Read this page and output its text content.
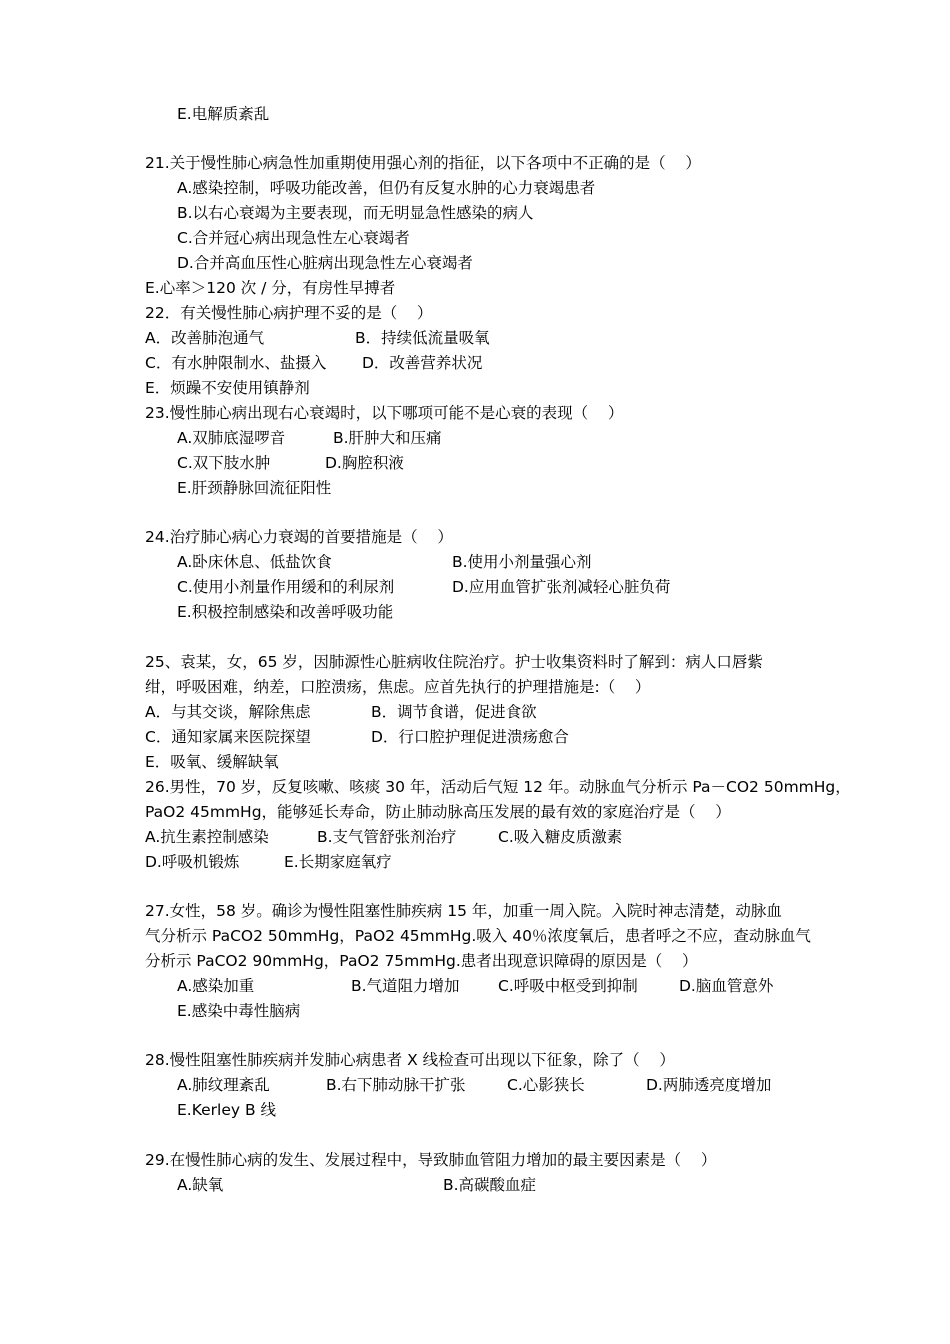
E.电解质紊乱
21.关于慢性肺心病急性加重期使用强心剂的指征，以下各项中不正确的是（    ）
A.感染控制，呼吸功能改善，但仍有反复水肿的心力衰竭患者
B.以右心衰竭为主要表现，而无明显急性感染的病人
C.合并冠心病出现急性左心衰竭者
D.合并高血压性心脏病出现急性左心衰竭者
E.心率＞120 次 / 分，有房性早搏者
22．有关慢性肺心病护理不妥的是（    ）
A．改善肺泡通气	B．持续低流量吸氧
C．有水肿限制水、盐摄入 D．改善营养状况
E．烦躁不安使用镇静剂
23.慢性肺心病出现右心衰竭时，以下哪项可能不是心衰的表现（    ）
A.双肺底湿啰音	B.肝肿大和压痛
C.双下肢水肿	D.胸腔积液
E.肝颈静脉回流征阳性
24.治疗肺心病心力衰竭的首要措施是（    ）
A.卧床休息、低盐饮食	B.使用小剂量强心剂
C.使用小剂量作用缓和的利尿剂	D.应用血管扩张剂减轻心脏负荷
E.积极控制感染和改善呼吸功能
25、袁某，女，65 岁，因肺源性心脏病收住院治疗。护士收集资料时了解到：病人口唇紫
绀，呼吸困难，纳差，口腔溃疡，焦虑。应首先执行的护理措施是:（    ）
A．与其交谈，解除焦虑	B．调节食谱，促进食欲
C．通知家属来医院探望	D．行口腔护理促进溃疡愈合
E．吸氧、缓解缺氧
26.男性，70 岁，反复咳嗽、咳痰 30 年，活动后气短 12 年。动脉血气分析示 Pa－CO2 50mmHg，
PaO2 45mmHg，能够延长寿命，防止肺动脉高压发展的最有效的家庭治疗是（    ）
A.抗生素控制感染	B.支气管舒张剂治疗	C.吸入糖皮质激素
D.呼吸机锻炼	E.长期家庭氧疗
27.女性，58 岁。确诊为慢性阻塞性肺疾病 15 年，加重一周入院。入院时神志清楚，动脉血
气分析示 PaCO2 50mmHg，PaO2 45mmHg.吸入 40％浓度氧后，患者呼之不应，查动脉血气
分析示 PaCO2 90mmHg，PaO2 75mmHg.患者出现意识障碍的原因是（    ）
A.感染加重	B.气道阻力增加 C.呼吸中枢受到抑制	D.脑血管意外
E.感染中毒性脑病
28.慢性阻塞性肺疾病并发肺心病患者 X 线检查可出现以下征象，除了（    ）
A.肺纹理紊乱	B.右下肺动脉干扩张	C.心影狭长	D.两肺透亮度增加
E.Kerley B 线
29.在慢性肺心病的发生、发展过程中，导致肺血管阻力增加的最主要因素是（    ）
A.缺氧	B.高碳酸血症
